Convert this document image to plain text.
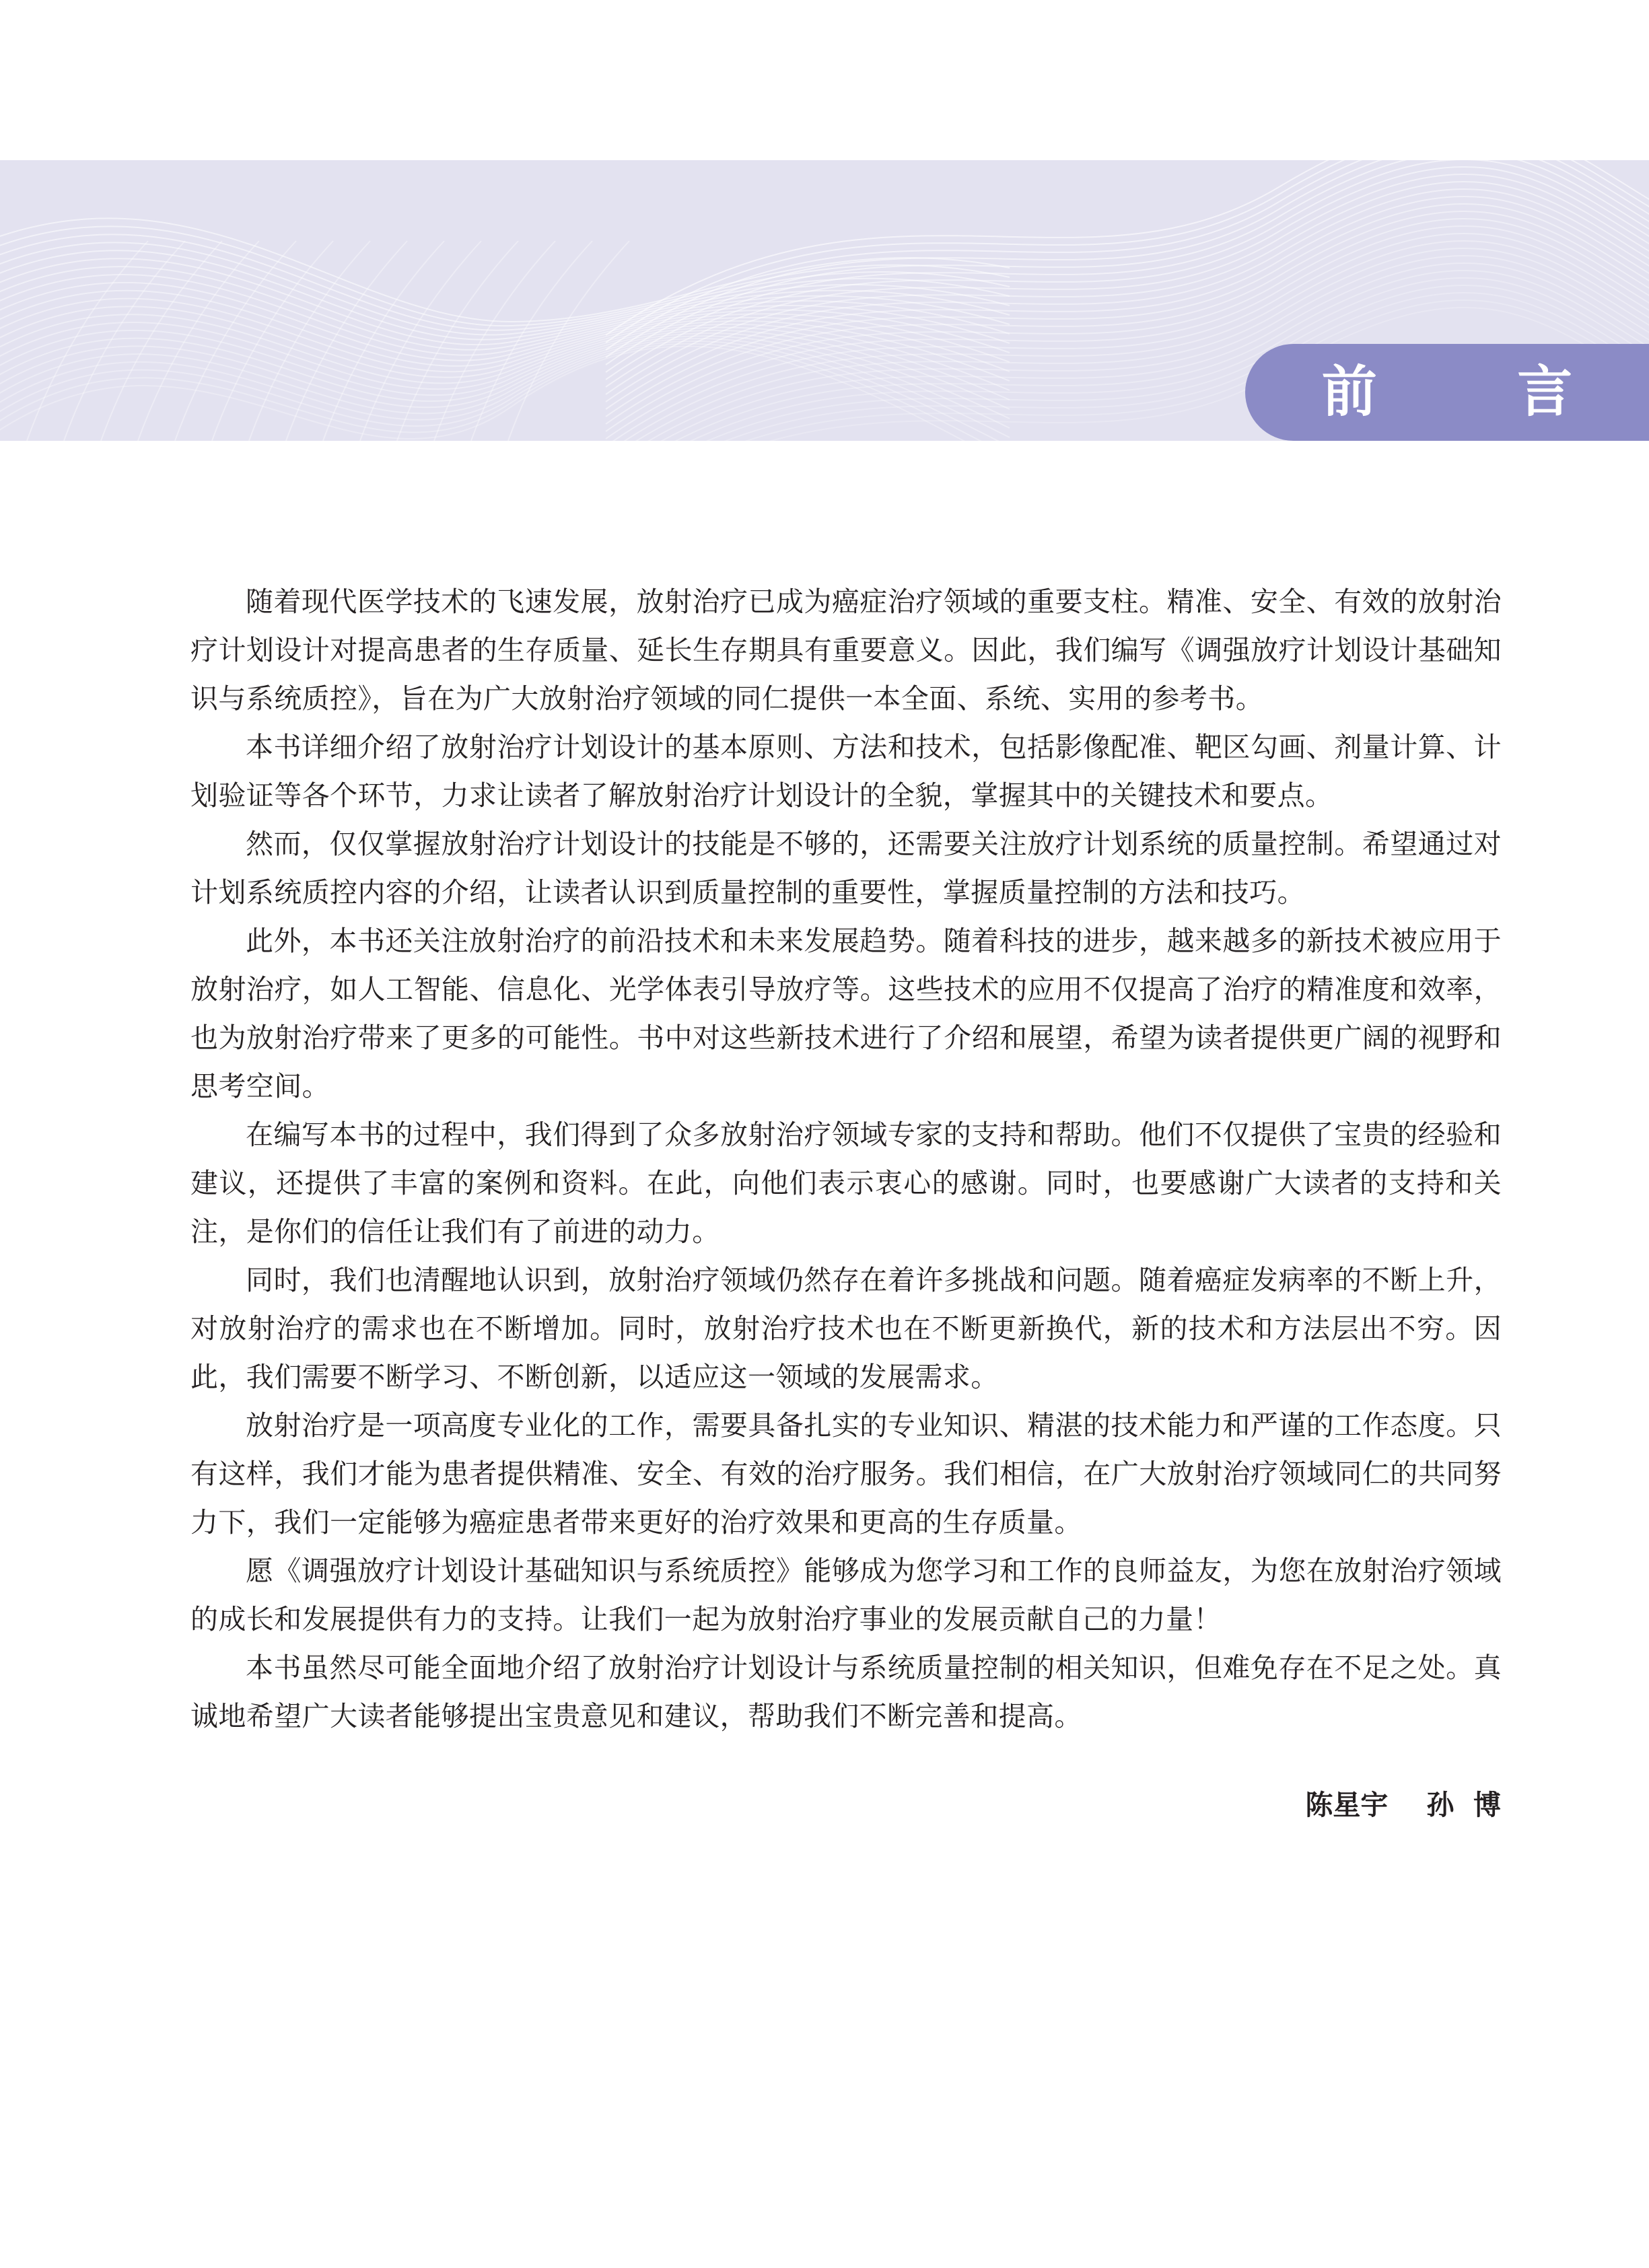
前 言

随着现代医学技术的飞速发展，放射治疗已成为癌症治疗领域的重要支柱。精准、安全、有效的放射治疗计划设计对提高患者的生存质量、延长生存期具有重要意义。因此，我们编写《调强放疗计划设计基础知识与系统质控》，旨在为广大放射治疗领域的同仁提供一本全面、系统、实用的参考书。

本书详细介绍了放射治疗计划设计的基本原则、方法和技术，包括影像配准、靶区勾画、剂量计算、计划验证等各个环节，力求让读者了解放射治疗计划设计的全貌，掌握其中的关键技术和要点。

然而，仅仅掌握放射治疗计划设计的技能是不够的，还需要关注放疗计划系统的质量控制。希望通过对计划系统质控内容的介绍，让读者认识到质量控制的重要性，掌握质量控制的方法和技巧。

此外，本书还关注放射治疗的前沿技术和未来发展趋势。随着科技的进步，越来越多的新技术被应用于放射治疗，如人工智能、信息化、光学体表引导放疗等。这些技术的应用不仅提高了治疗的精准度和效率，也为放射治疗带来了更多的可能性。书中对这些新技术进行了介绍和展望，希望为读者提供更广阔的视野和思考空间。

在编写本书的过程中，我们得到了众多放射治疗领域专家的支持和帮助。他们不仅提供了宝贵的经验和建议，还提供了丰富的案例和资料。在此，向他们表示衷心的感谢。同时，也要感谢广大读者的支持和关注，是你们的信任让我们有了前进的动力。

同时，我们也清醒地认识到，放射治疗领域仍然存在着许多挑战和问题。随着癌症发病率的不断上升，对放射治疗的需求也在不断增加。同时，放射治疗技术也在不断更新换代，新的技术和方法层出不穷。因此，我们需要不断学习、不断创新，以适应这一领域的发展需求。

放射治疗是一项高度专业化的工作，需要具备扎实的专业知识、精湛的技术能力和严谨的工作态度。只有这样，我们才能为患者提供精准、安全、有效的治疗服务。我们相信，在广大放射治疗领域同仁的共同努力下，我们一定能够为癌症患者带来更好的治疗效果和更高的生存质量。

愿《调强放疗计划设计基础知识与系统质控》能够成为您学习和工作的良师益友，为您在放射治疗领域的成长和发展提供有力的支持。让我们一起为放射治疗事业的发展贡献自己的力量！

本书虽然尽可能全面地介绍了放射治疗计划设计与系统质量控制的相关知识，但难免存在不足之处。真诚地希望广大读者能够提出宝贵意见和建议，帮助我们不断完善和提高。

陈星宇    孙  博
